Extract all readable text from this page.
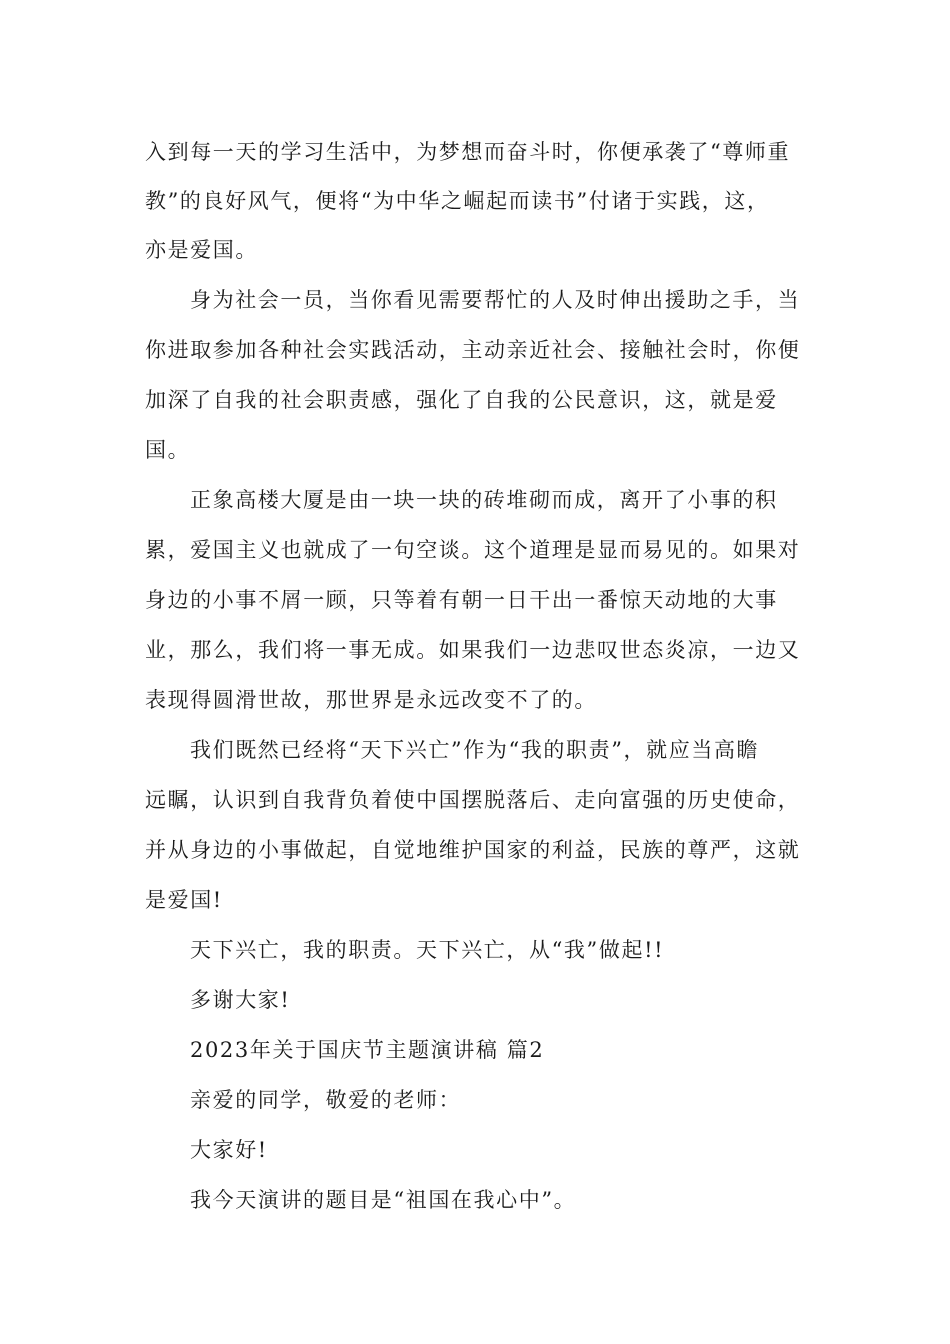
入到每一天的学习生活中，为梦想而奋斗时，你便承袭了“尊师重
教”的良好风气，便将“为中华之崛起而读书”付诸于实践，这，
亦是爱国。
身为社会一员，当你看见需要帮忙的人及时伸出援助之手，当
你进取参加各种社会实践活动，主动亲近社会、接触社会时，你便
加深了自我的社会职责感，强化了自我的公民意识，这，就是爱
国。
正象高楼大厦是由一块一块的砖堆砌而成，离开了小事的积
累，爱国主义也就成了一句空谈。这个道理是显而易见的。如果对
身边的小事不屑一顾，只等着有朝一日干出一番惊天动地的大事
业，那么，我们将一事无成。如果我们一边悲叹世态炎凉，一边又
表现得圆滑世故，那世界是永远改变不了的。
我们既然已经将“天下兴亡”作为“我的职责”，就应当高瞻
远瞩，认识到自我背负着使中国摆脱落后、走向富强的历史使命，
并从身边的小事做起，自觉地维护国家的利益，民族的尊严，这就
是爱国!
天下兴亡，我的职责。天下兴亡，从“我”做起!!
多谢大家!
2023年关于国庆节主题演讲稿 篇2
亲爱的同学，敬爱的老师：
大家好!
我今天演讲的题目是“祖国在我心中”。
